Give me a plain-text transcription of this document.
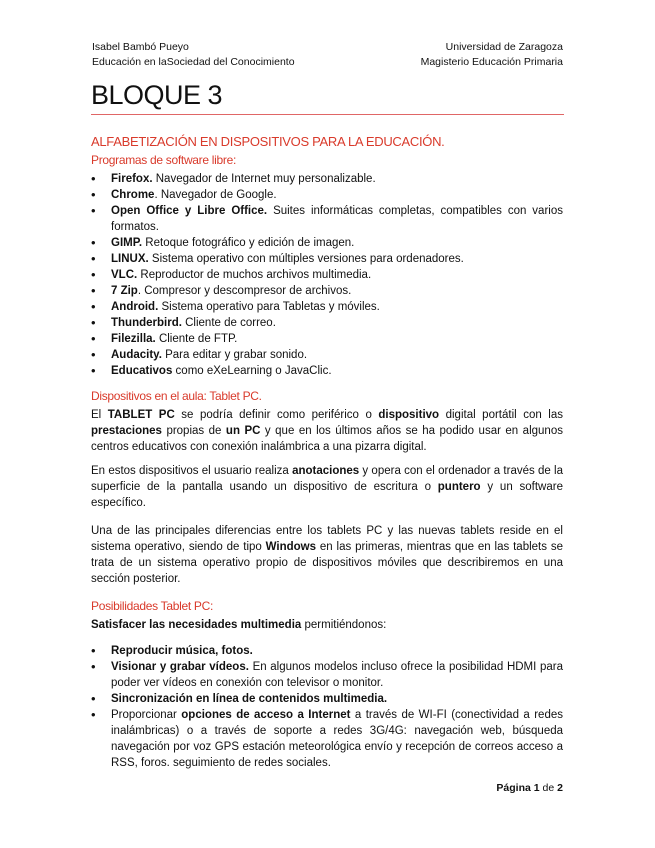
Isabel Bambó Pueyo
Educación en laSociedad del Conocimiento
Universidad de Zaragoza
Magisterio Educación Primaria
BLOQUE 3
ALFABETIZACIÓN EN DISPOSITIVOS PARA LA EDUCACIÓN.
Programas de software libre:
• Firefox. Navegador de Internet muy personalizable.
• Chrome. Navegador de Google.
• Open Office y Libre Office. Suites informáticas completas, compatibles con varios formatos.
• GIMP. Retoque fotográfico y edición de imagen.
• LINUX. Sistema operativo con múltiples versiones para ordenadores.
• VLC. Reproductor de muchos archivos multimedia.
• 7 Zip. Compresor y descompresor de archivos.
• Android. Sistema operativo para Tabletas y móviles.
• Thunderbird. Cliente de correo.
• Filezilla. Cliente de FTP.
• Audacity. Para editar y grabar sonido.
• Educativos como eXeLearning o JavaClic.
Dispositivos en el aula: Tablet PC.

El TABLET PC se podría definir como periférico o dispositivo digital portátil con las prestaciones propias de un PC y que en los últimos años se ha podido usar en algunos centros educativos con conexión inalámbrica a una pizarra digital.

En estos dispositivos el usuario realiza anotaciones y opera con el ordenador a través de la superficie de la pantalla usando un dispositivo de escritura o puntero y un software específico.

Una de las principales diferencias entre los tablets PC y las nuevas tablets reside en el sistema operativo, siendo de tipo Windows en las primeras, mientras que en las tablets se trata de un sistema operativo propio de dispositivos móviles que describiremos en una sección posterior.

Posibilidades Tablet PC:

Satisfacer las necesidades multimedia permitiéndonos:

• Reproducir música, fotos.
• Visionar y grabar vídeos. En algunos modelos incluso ofrece la posibilidad HDMI para poder ver vídeos en conexión con televisor o monitor.
• Sincronización en línea de contenidos multimedia.
• Proporcionar opciones de acceso a Internet a través de WI-FI (conectividad a redes inalámbricas) o a través de soporte a redes 3G/4G: navegación web, búsqueda navegación por voz GPS estación meteorológica envío y recepción de correos acceso a RSS, foros. seguimiento de redes sociales.
Página 1 de 2
